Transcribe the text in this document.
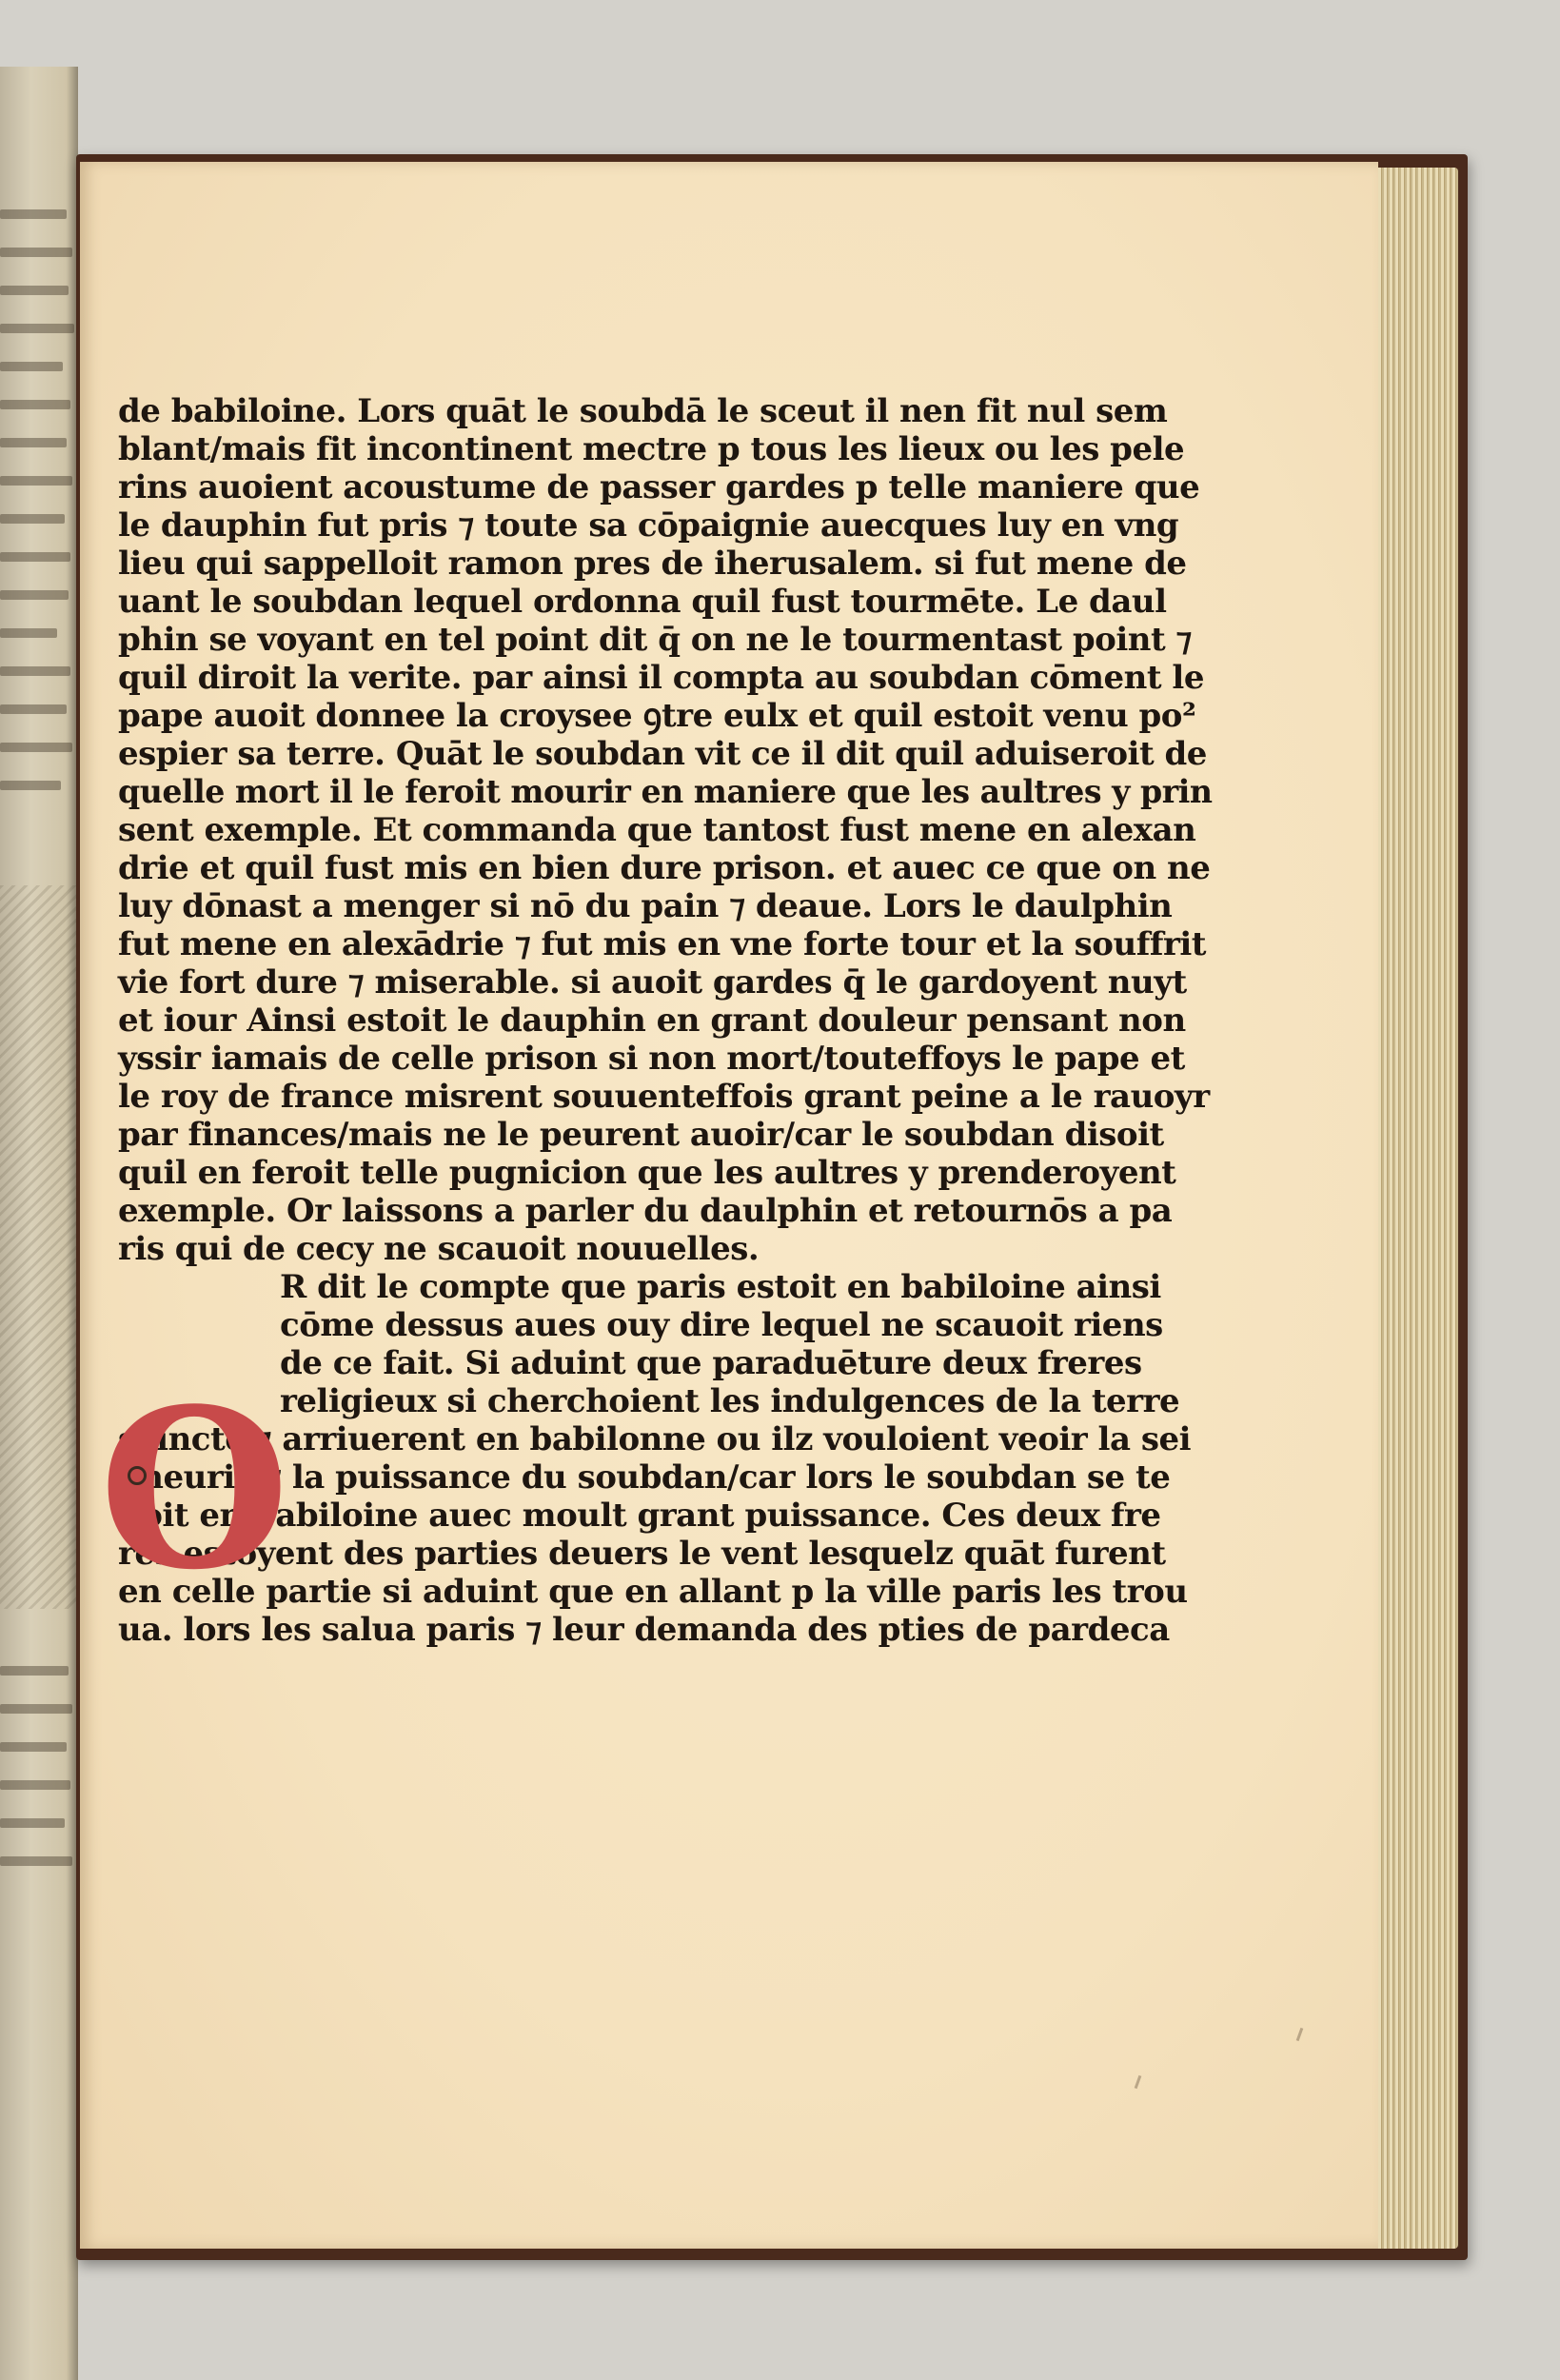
de babiloine. Lors quāt le soubdā le sceut il nen fit nul sem
blant/mais fit incontinent mectre p tous les lieux ou les pele
rins auoient acoustume de passer gardes p telle maniere que
le dauphin fut pris ⁊ toute sa cōpaignie auecques luy en vng
lieu qui sappelloit ramon pres de iherusalem. si fut mene de
uant le soubdan lequel ordonna quil fust tourmēte. Le daul
phin se voyant en tel point dit q̄ on ne le tourmentast point ⁊
quil diroit la verite. par ainsi il compta au soubdan cōment le
pape auoit donnee la croysee ꝯtre eulx et quil estoit venu po²
espier sa terre. Quāt le soubdan vit ce il dit quil aduiseroit de
quelle mort il le feroit mourir en maniere que les aultres y prin
sent exemple. Et commanda que tantost fust mene en alexan
drie et quil fust mis en bien dure prison. et auec ce que on ne
luy dōnast a menger si nō du pain ⁊ deaue. Lors le daulphin
fut mene en alexādrie ⁊ fut mis en vne forte tour et la souffrit
vie fort dure ⁊ miserable. si auoit gardes q̄ le gardoyent nuyt
et iour Ainsi estoit le dauphin en grant douleur pensant non
yssir iamais de celle prison si non mort/touteffoys le pape et
le roy de france misrent souuenteffois grant peine a le rauoyr
par finances/mais ne le peurent auoir/car le soubdan disoit
quil en feroit telle pugnicion que les aultres y prenderoyent
exemple. Or laissons a parler du daulphin et retournōs a pa
ris qui de cecy ne scauoit nouuelles.
R dit le compte que paris estoit en babiloine ainsi
cōme dessus aues ouy dire lequel ne scauoit riens
de ce fait. Si aduint que paraduēture deux freres
religieux si cherchoient les indulgences de la terre
saincte ⁊ arriuerent en babilonne ou ilz vouloient veoir la sei
gneurie ⁊ la puissance du soubdan/car lors le soubdan se te
noit en babiloine auec moult grant puissance. Ces deux fre
res estoyent des parties deuers le vent lesquelz quāt furent
en celle partie si aduint que en allant p la ville paris les trou
ua. lors les salua paris ⁊ leur demanda des pties de pardeca
O
